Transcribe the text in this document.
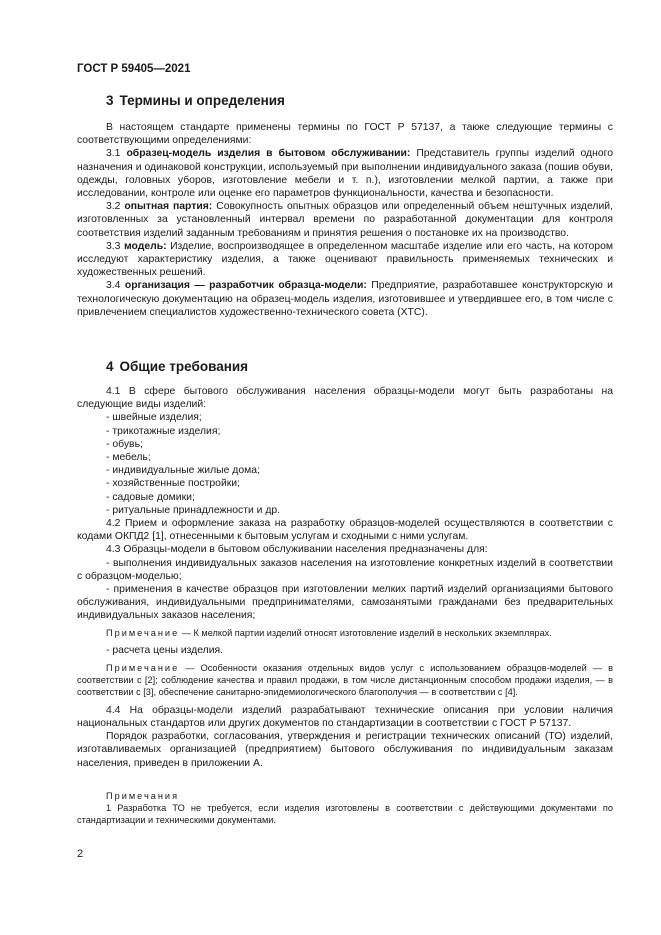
ГОСТ Р 59405—2021
3 Термины и определения

В настоящем стандарте применены термины по ГОСТ Р 57137, а также следующие термины с соответствующими определениями:

3.1 образец-модель изделия в бытовом обслуживании: Представитель группы изделий одного назначения и одинаковой конструкции, используемый при выполнении индивидуального заказа (пошив обуви, одежды, головных уборов, изготовление мебели и т. п.), изготовлении мелкой партии, а также при исследовании, контроле или оценке его параметров функциональности, качества и безопасности.

3.2 опытная партия: Совокупность опытных образцов или определенный объем нештучных изделий, изготовленных за установленный интервал времени по разработанной документации для контроля соответствия изделий заданным требованиям и принятия решения о постановке их на производство.

3.3 модель: Изделие, воспроизводящее в определенном масштабе изделие или его часть, на котором исследуют характеристику изделия, а также оценивают правильность применяемых технических и художественных решений.

3.4 организация — разработчик образца-модели: Предприятие, разработавшее конструкторскую и технологическую документацию на образец-модель изделия, изготовившее и утвердившее его, в том числе с привлечением специалистов художественно-технического совета (ХТС).

4 Общие требования

4.1 В сфере бытового обслуживания населения образцы-модели могут быть разработаны на следующие виды изделий:

- швейные изделия;

- трикотажные изделия;

- обувь;

- мебель;

- индивидуальные жилые дома;

- хозяйственные постройки;

- садовые домики;

- ритуальные принадлежности и др.

4.2 Прием и оформление заказа на разработку образцов-моделей осуществляются в соответствии с кодами ОКПД2 [1], отнесенными к бытовым услугам и сходными с ними услугам.

4.3 Образцы-модели в бытовом обслуживании населения предназначены для:

- выполнения индивидуальных заказов населения на изготовление конкретных изделий в соответствии с образцом-моделью;

- применения в качестве образцов при изготовлении мелких партий изделий организациями бытового обслуживания, индивидуальными предпринимателями, самозанятыми гражданами без предварительных индивидуальных заказов населения;

Примечание — К мелкой партии изделий относят изготовление изделий в нескольких экземплярах.

- расчета цены изделия.

Примечание — Особенности оказания отдельных видов услуг с использованием образцов-моделей — в соответствии с [2]; соблюдение качества и правил продажи, в том числе дистанционным способом продажи изделия, — в соответствии с [3], обеспечение санитарно-эпидемиологического благополучия — в соответствии с [4].

4.4 На образцы-модели изделий разрабатывают технические описания при условии наличия национальных стандартов или других документов по стандартизации в соответствии с ГОСТ Р 57137.

Порядок разработки, согласования, утверждения и регистрации технических описаний (ТО) изделий, изготавливаемых организацией (предприятием) бытового обслуживания по индивидуальным заказам населения, приведен в приложении А.

Примечания

1 Разработка ТО не требуется, если изделия изготовлены в соответствии с действующими документами по стандартизации и техническими документами.

2
